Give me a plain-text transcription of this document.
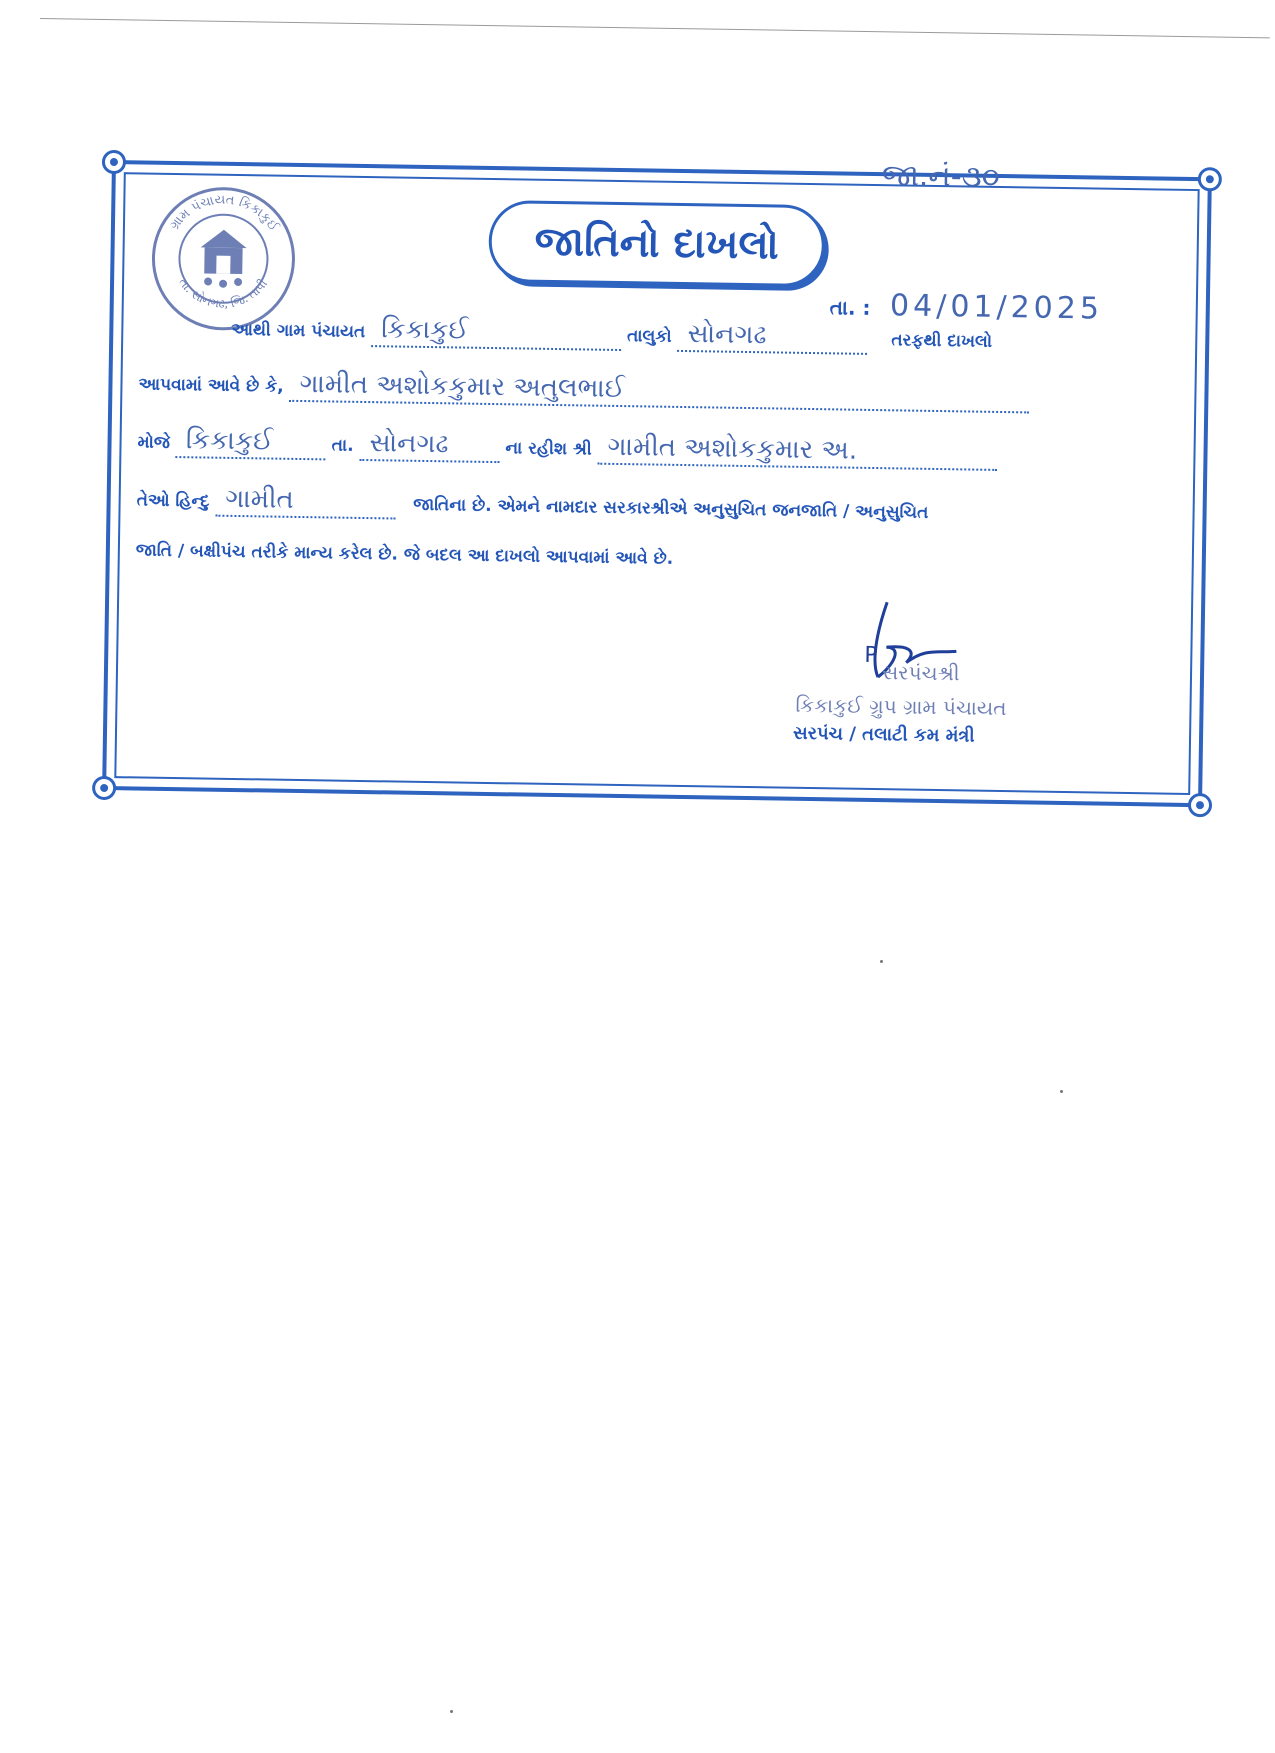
જા.નં-૩૦
ગ્રામ પંચાયત કિકાકુઈ
તા. સોનગઢ, જિ. તાપી
જાતિનો દાખલો
તા. : 04/01/2025
આથી ગામ પંચાયત કિકાકુઈ	તાલુકો સોનગઢ	તરફથી દાખલો
આપવામાં આવે છે કે, ગામીત અશોકકુમાર અતુલભાઈ
મોજે કિકાકુઈ	તા. સોનગઢ	ના રહીશ શ્રી ગામીત અશોકકુમાર અ.
તેઓ હિન્દુ ગામીત	જાતિના છે. એમને નામદાર સરકારશ્રીએ અનુસુચિત જનજાતિ / અનુસુચિત
જાતિ / બક્ષીપંચ તરીકે માન્ય કરેલ છે. જે બદલ આ દાખલો આપવામાં આવે છે.
P
સરપંચશ્રી
કિકાકુઈ ગ્રુપ ગ્રામ પંચાયત
સરપંચ / તલાટી કમ મંત્રી
